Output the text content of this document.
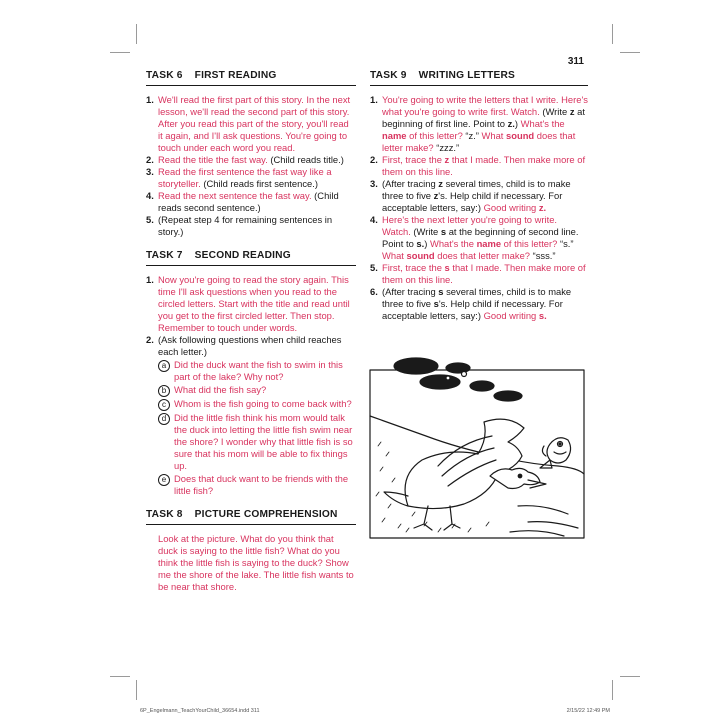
311
TASK 6 FIRST READING
1. We'll read the first part of this story. In the next lesson, we'll read the second part of this story. After you read this part of the story, you'll read it again, and I'll ask questions. You're going to touch under each word you read.
2. Read the title the fast way. (Child reads title.)
3. Read the first sentence the fast way like a storyteller. (Child reads first sentence.)
4. Read the next sentence the fast way. (Child reads second sentence.)
5. (Repeat step 4 for remaining sentences in story.)
TASK 7 SECOND READING
1. Now you're going to read the story again. This time I'll ask questions when you read to the circled letters. Start with the title and read until you get to the first circled letter. Then stop. Remember to touch under words.
2. (Ask following questions when child reaches each letter.)
a Did the duck want the fish to swim in this part of the lake? Why not?
b What did the fish say?
c Whom is the fish going to come back with?
d Did the little fish think his mom would talk the duck into letting the little fish swim near the shore? I wonder why that little fish is so sure that his mom will be able to fix things up.
e Does that duck want to be friends with the little fish?
TASK 8 PICTURE COMPREHENSION
Look at the picture. What do you think that duck is saying to the little fish? What do you think the little fish is saying to the duck? Show me the shore of the lake. The little fish wants to be near that shore.
TASK 9 WRITING LETTERS
1. You're going to write the letters that I write. Here's what you're going to write first. Watch. (Write z at beginning of first line. Point to z.) What's the name of this letter? “z.” What sound does that letter make? “zzz.”
2. First, trace the z that I made. Then make more of them on this line.
3. (After tracing z several times, child is to make three to five z's. Help child if necessary. For acceptable letters, say:) Good writing z.
4. Here's the next letter you're going to write. Watch. (Write s at the beginning of second line. Point to s.) What's the name of this letter? “s.” What sound does that letter make? “sss.”
5. First, trace the s that I made. Then make more of them on this line.
6. (After tracing s several times, child is to make three to five s's. Help child if necessary. For acceptable letters, say:) Good writing s.
6P_Engelmann_TeachYourChild_36654.indd 311	2/15/22 12:49 PM
